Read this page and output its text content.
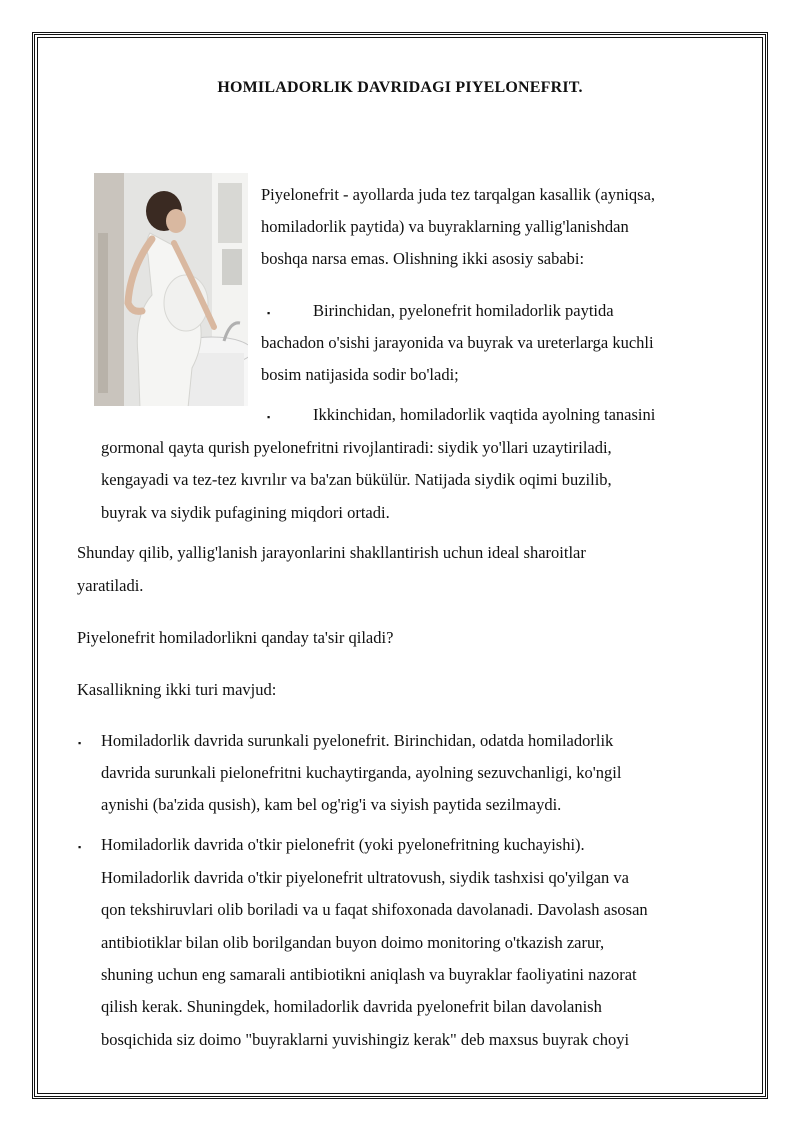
HOMILADORLIK DAVRIDAGI PIYELONEFRIT.
Piyelonefrit - ayollarda juda tez tarqalgan kasallik (ayniqsa,
homiladorlik paytida) va buyraklarning yallig'lanishdan
boshqa narsa emas. Olishning ikki asosiy sababi:
▪	Birinchidan, pyelonefrit homiladorlik paytida
bachadon o'sishi jarayonida va buyrak va ureterlarga kuchli
bosim natijasida sodir bo'ladi;
▪	Ikkinchidan, homiladorlik vaqtida ayolning tanasini
gormonal qayta qurish pyelonefritni rivojlantiradi: siydik yo'llari uzaytiriladi,
kengayadi va tez-tez kıvrılır va ba'zan bükülür. Natijada siydik oqimi buzilib,
buyrak va siydik pufagining miqdori ortadi.
Shunday qilib, yallig'lanish jarayonlarini shakllantirish uchun ideal sharoitlar
yaratiladi.
Piyelonefrit homiladorlikni qanday ta'sir qiladi?
Kasallikning ikki turi mavjud:
▪ Homiladorlik davrida surunkali pyelonefrit. Birinchidan, odatda homiladorlik
davrida surunkali pielonefritni kuchaytirganda, ayolning sezuvchanligi, ko'ngil
aynishi (ba'zida qusish), kam bel og'rig'i va siyish paytida sezilmaydi.
▪ Homiladorlik davrida o'tkir pielonefrit (yoki pyelonefritning kuchayishi).
Homiladorlik davrida o'tkir piyelonefrit ultratovush, siydik tashxisi qo'yilgan va
qon tekshiruvlari olib boriladi va u faqat shifoxonada davolanadi. Davolash asosan
antibiotiklar bilan olib borilgandan buyon doimo monitoring o'tkazish zarur,
shuning uchun eng samarali antibiotikni aniqlash va buyraklar faoliyatini nazorat
qilish kerak. Shuningdek, homiladorlik davrida pyelonefrit bilan davolanish
bosqichida siz doimo "buyraklarni yuvishingiz kerak" deb maxsus buyrak choyi
